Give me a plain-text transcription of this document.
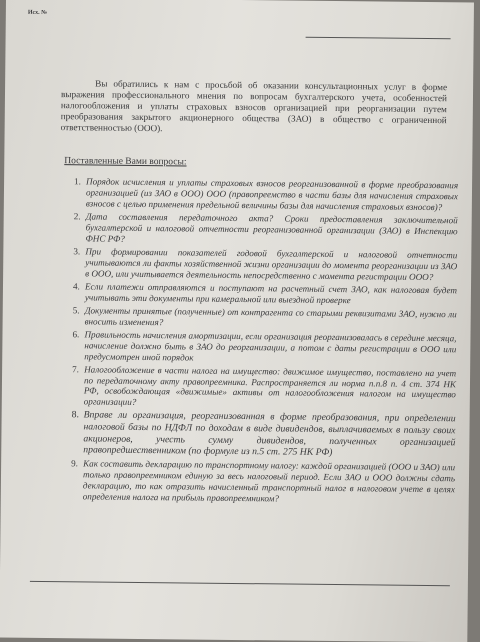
Исх. №

Вы обратились к нам с просьбой об оказании консультационных услуг в форме выражения профессионального мнения по вопросам бухгалтерского учета, особенностей налогообложения и уплаты страховых взносов организацией при реорганизации путем преобразования закрытого акционерного общества (ЗАО) в общество с ограниченной ответственностью (ООО).

Поставленные Вами вопросы:
1. Порядок исчисления и уплаты страховых взносов реорганизованной в форме преобразования организацией (из ЗАО в ООО) ООО (правопреемство в части базы для начисления страховых взносов с целью применения предельной величины базы для начисления страховых взносов)?
2. Дата составления передаточного акта? Сроки предоставления заключительной бухгалтерской и налоговой отчетности реорганизованной организации (ЗАО) в Инспекцию ФНС РФ?
3. При формировании показателей годовой бухгалтерской и налоговой отчетности учитываются ли факты хозяйственной жизни организации до момента реорганизации из ЗАО в ООО, или учитывается деятельность непосредственно с момента регистрации ООО?
4. Если платежи отправляются и поступают на расчетный счет ЗАО, как налоговая будет учитывать эти документы при камеральной или выездной проверке
5. Документы принятые (полученные) от контрагента со старыми реквизитами ЗАО, нужно ли вносить изменения?
6. Правильность начисления амортизации, если организация реорганизовалась в середине месяца, начисление должно быть в ЗАО до реорганизации, а потом с даты регистрации в ООО или предусмотрен иной порядок
7. Налогообложение в части налога на имущество: движимое имущество, поставлено на учет по передаточному акту правопреемника. Распространяется ли норма п.п.8 п. 4 ст. 374 НК РФ, освобождающая «движимые» активы от налогообложения налогом на имущество организации?
8. Вправе ли организация, реорганизованная в форме преобразования, при определении налоговой базы по НДФЛ по доходам в виде дивидендов, выплачиваемых в пользу своих акционеров, учесть сумму дивидендов, полученных организацией правопредшественником (по формуле из п.5 ст. 275 НК РФ)
9. Как составить декларацию по транспортному налогу: каждой организацией (ООО и ЗАО) или только правопреемником единую за весь налоговый период. Если ЗАО и ООО должны сдать декларацию, то как отразить начисленный транспортный налог в налоговом учете в целях определения налога на прибыль правопреемником?
